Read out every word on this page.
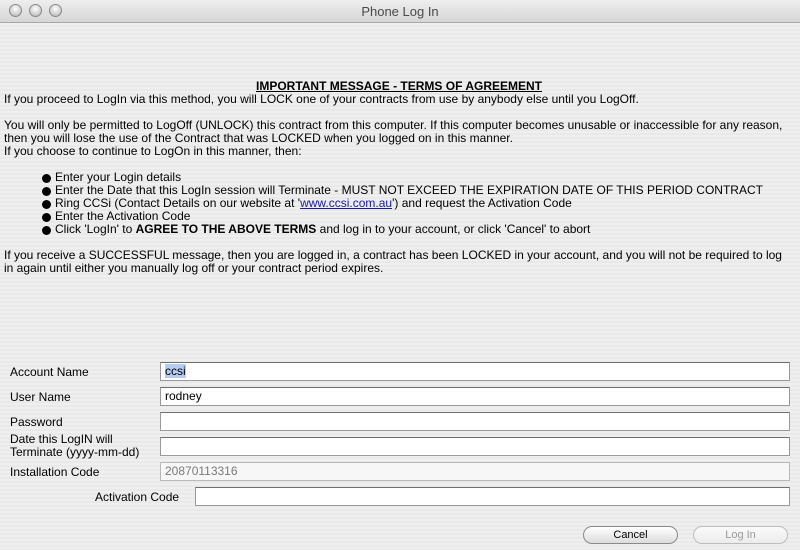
Phone Log In
IMPORTANT MESSAGE - TERMS OF AGREEMENT

If you proceed to LogIn via this method, you will LOCK one of your contracts from use by anybody else until you LogOff.

You will only be permitted to LogOff (UNLOCK) this contract from this computer. If this computer becomes unusable or inaccessible for any reason, then you will lose the use of the Contract that was LOCKED when you logged on in this manner.

If you choose to continue to LogOn in this manner, then:

Enter your Login details
Enter the Date that this LogIn session will Terminate - MUST NOT EXCEED THE EXPIRATION DATE OF THIS PERIOD CONTRACT
Ring CCSi (Contact Details on our website at 'www.ccsi.com.au') and request the Activation Code
Enter the Activation Code
Click 'LogIn' to AGREE TO THE ABOVE TERMS and log in to your account, or click 'Cancel' to abort

If you receive a SUCCESSFUL message, then you are logged in, a contract has been LOCKED in your account, and you will not be required to log in again until either you manually log off or your contract period expires.

Account Name	ccsi
User Name	rodney
Password
Date this LogIN will
Terminate (yyyy-mm-dd)
Installation Code	20870113316
Activation Code
Cancel	Log In
